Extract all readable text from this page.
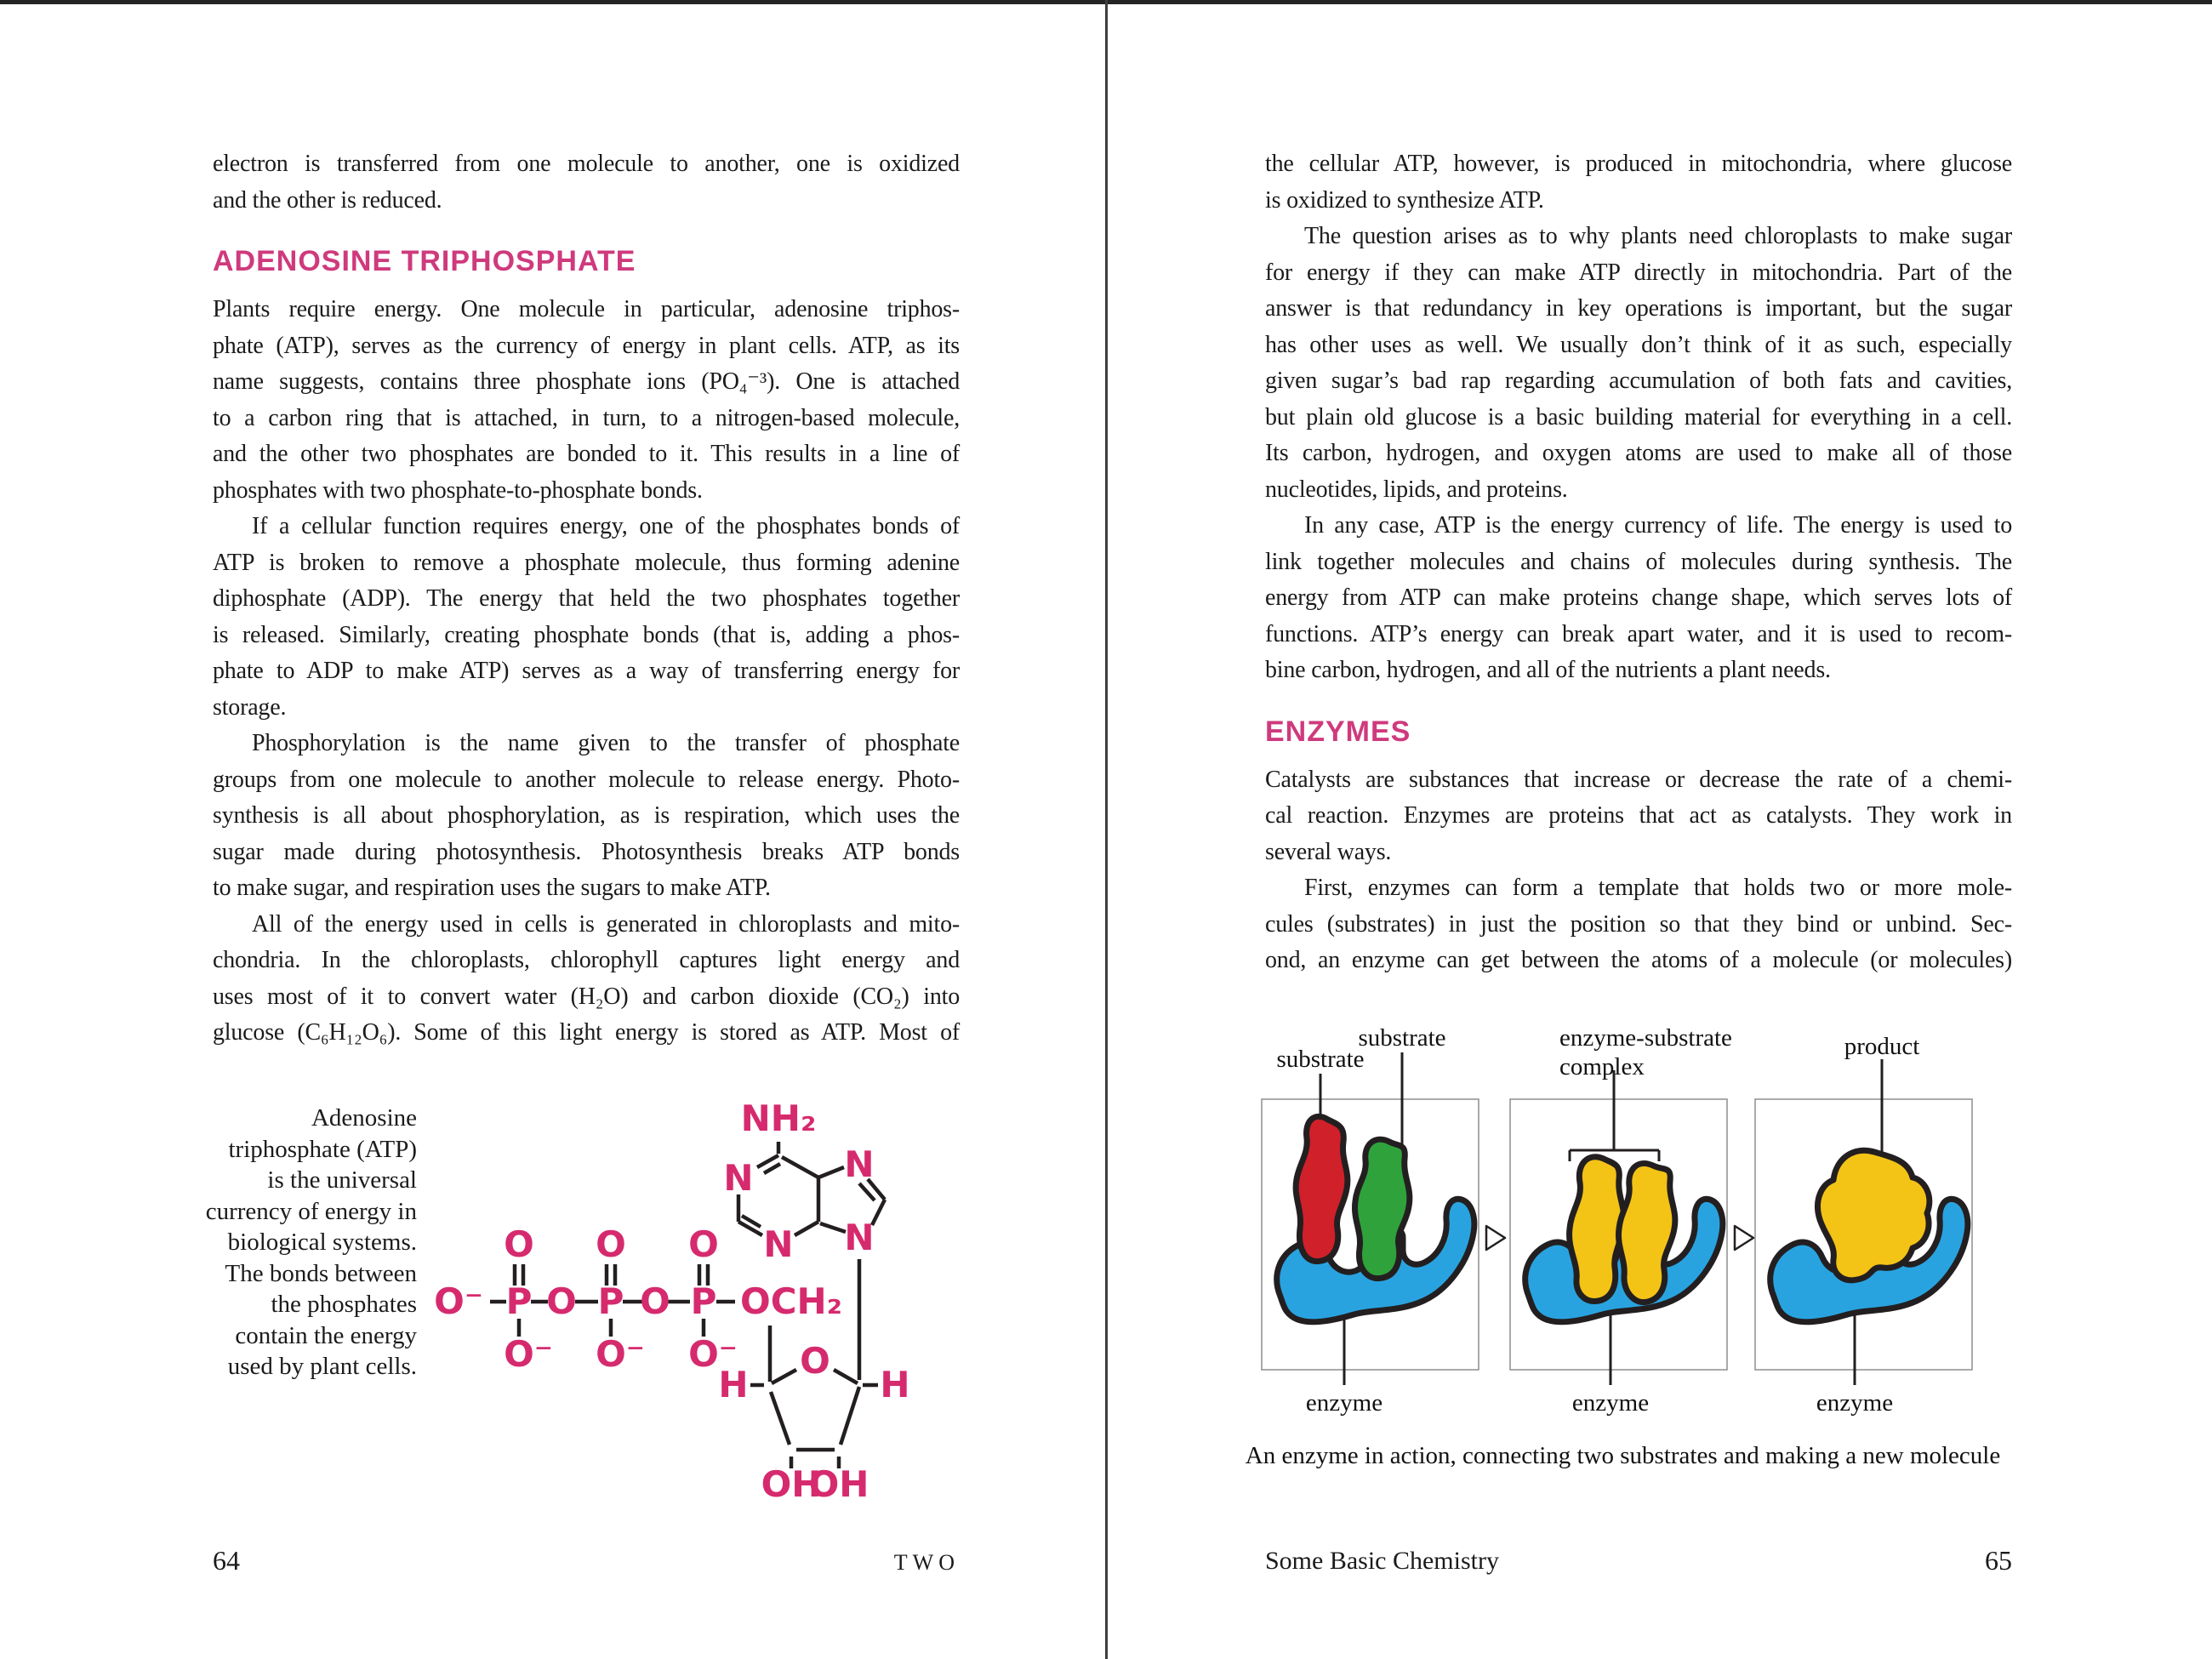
electron is transferred from one molecule to another, one is oxidized
and the other is reduced.
ADENOSINE TRIPHOSPHATE
Plants require energy. One molecule in particular, adenosine triphos-
phate (ATP), serves as the currency of energy in plant cells. ATP, as its
name suggests, contains three phosphate ions (PO₄⁻³). One is attached
to a carbon ring that is attached, in turn, to a nitrogen-based molecule,
and the other two phosphates are bonded to it. This results in a line of
phosphates with two phosphate-to-phosphate bonds.
If a cellular function requires energy, one of the phosphates bonds of
ATP is broken to remove a phosphate molecule, thus forming adenine
diphosphate (ADP). The energy that held the two phosphates together
is released. Similarly, creating phosphate bonds (that is, adding a phos-
phate to ADP to make ATP) serves as a way of transferring energy for
storage.
Phosphorylation is the name given to the transfer of phosphate
groups from one molecule to another molecule to release energy. Photo-
synthesis is all about phosphorylation, as is respiration, which uses the
sugar made during photosynthesis. Photosynthesis breaks ATP bonds
to make sugar, and respiration uses the sugars to make ATP.
All of the energy used in cells is generated in chloroplasts and mito-
chondria. In the chloroplasts, chlorophyll captures light energy and
uses most of it to convert water (H₂O) and carbon dioxide (CO₂) into
glucose (C₆H₁₂O₆). Some of this light energy is stored as ATP. Most of
Adenosine
triphosphate (ATP)
is the universal
currency of energy in
biological systems.
The bonds between
the phosphates
contain the energy
used by plant cells.
O⁻ P O P O P OCH₂
O O O
O⁻ O⁻ O⁻
NH₂
N
N
N
N
O
H	H
OH
OH
the cellular ATP, however, is produced in mitochondria, where glucose
is oxidized to synthesize ATP.
The question arises as to why plants need chloroplasts to make sugar
for energy if they can make ATP directly in mitochondria. Part of the
answer is that redundancy in key operations is important, but the sugar
has other uses as well. We usually don’t think of it as such, especially
given sugar’s bad rap regarding accumulation of both fats and cavities,
but plain old glucose is a basic building material for everything in a cell.
Its carbon, hydrogen, and oxygen atoms are used to make all of those
nucleotides, lipids, and proteins.
In any case, ATP is the energy currency of life. The energy is used to
link together molecules and chains of molecules during synthesis. The
energy from ATP can make proteins change shape, which serves lots of
functions. ATP’s energy can break apart water, and it is used to recom-
bine carbon, hydrogen, and all of the nutrients a plant needs.
ENZYMES
Catalysts are substances that increase or decrease the rate of a chemi-
cal reaction. Enzymes are proteins that act as catalysts. They work in
several ways.
First, enzymes can form a template that holds two or more mole-
cules (substrates) in just the position so that they bind or unbind. Sec-
ond, an enzyme can get between the atoms of a molecule (or molecules)
substrate
substrate	enzyme-substrate
complex
product
enzyme	enzyme	enzyme
An enzyme in action, connecting two substrates and making a new molecule
64	TWO	Some Basic Chemistry	65
